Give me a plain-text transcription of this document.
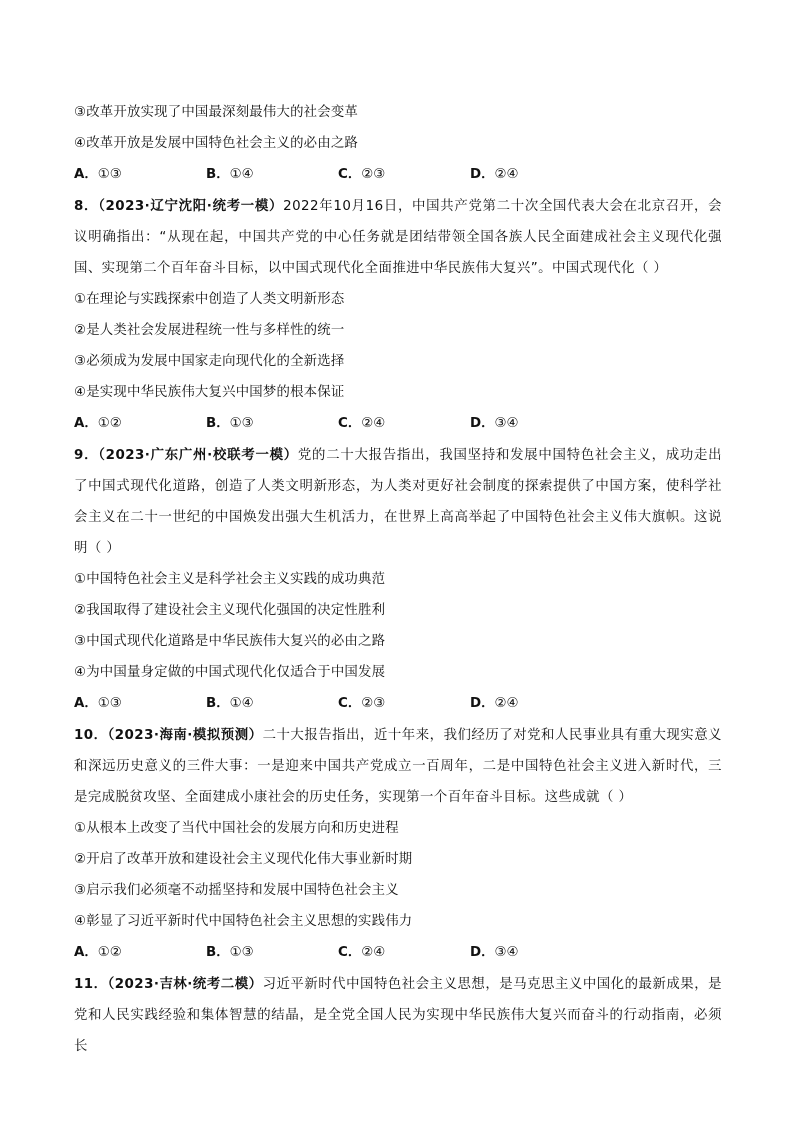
③改革开放实现了中国最深刻最伟大的社会变革
④改革开放是发展中国特色社会主义的必由之路
A．①③	B．①④	C．②③	D．②④
8．（2023·辽宁沈阳·统考一模）2022年10月16日，中国共产党第二十次全国代表大会在北京召开，会议明确指出：“从现在起，中国共产党的中心任务就是团结带领全国各族人民全面建成社会主义现代化强国、实现第二个百年奋斗目标，以中国式现代化全面推进中华民族伟大复兴”。中国式现代化（ ）
①在理论与实践探索中创造了人类文明新形态
②是人类社会发展进程统一性与多样性的统一
③必须成为发展中国家走向现代化的全新选择
④是实现中华民族伟大复兴中国梦的根本保证
A．①②	B．①③	C．②④	D．③④
9．（2023·广东广州·校联考一模）党的二十大报告指出，我国坚持和发展中国特色社会主义，成功走出了中国式现代化道路，创造了人类文明新形态，为人类对更好社会制度的探索提供了中国方案，使科学社会主义在二十一世纪的中国焕发出强大生机活力，在世界上高高举起了中国特色社会主义伟大旗帜。这说明（ ）
①中国特色社会主义是科学社会主义实践的成功典范
②我国取得了建设社会主义现代化强国的决定性胜利
③中国式现代化道路是中华民族伟大复兴的必由之路
④为中国量身定做的中国式现代化仅适合于中国发展
A．①③	B．①④	C．②③	D．②④
10．（2023·海南·模拟预测）二十大报告指出，近十年来，我们经历了对党和人民事业具有重大现实意义和深远历史意义的三件大事：一是迎来中国共产党成立一百周年，二是中国特色社会主义进入新时代，三是完成脱贫攻坚、全面建成小康社会的历史任务，实现第一个百年奋斗目标。这些成就（ ）
①从根本上改变了当代中国社会的发展方向和历史进程
②开启了改革开放和建设社会主义现代化伟大事业新时期
③启示我们必须毫不动摇坚持和发展中国特色社会主义
④彰显了习近平新时代中国特色社会主义思想的实践伟力
A．①②	B．①③	C．②④	D．③④
11．（2023·吉林·统考二模）习近平新时代中国特色社会主义思想，是马克思主义中国化的最新成果，是党和人民实践经验和集体智慧的结晶，是全党全国人民为实现中华民族伟大复兴而奋斗的行动指南，必须长
